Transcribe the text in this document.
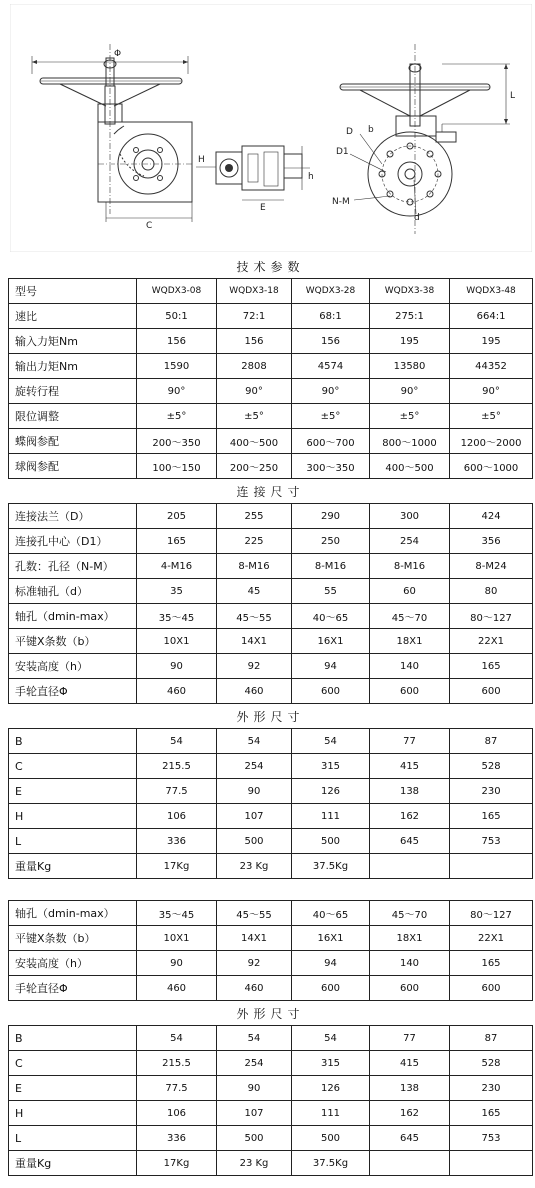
Φ
C
H
h
E
D b
D1
N-M
d
L
技术参数					
型号	WQDX3-08	WQDX3-18	WQDX3-28	WQDX3-38	WQDX3-48
速比	50:1	72:1	68:1	275:1	664:1
输入力矩Nm	156	156	156	195	195
输出力矩Nm	1590	2808	4574	13580	44352
旋转行程	90°	90°	90°	90°	90°
限位调整	±5°	±5°	±5°	±5°	±5°
蝶阀参配	200～350	400～500	600～700	800～1000	1200～2000
球阀参配	100～150	200～250	300～350	400～500	600～1000
连接尺寸					
连接法兰（D）	205	255	290	300	424
连接孔中心（D1）	165	225	250	254	356
孔数：孔径（N-M）	4-M16	8-M16	8-M16	8-M16	8-M24
标准轴孔（d）	35	45	55	60	80
轴孔（dmin-max）	35～45	45～55	40～65	45～70	80～127
平键X条数（b）	10X1	14X1	16X1	18X1	22X1
安装高度（h）	90	92	94	140	165
手轮直径Φ	460	460	600	600	600
外形尺寸					
B	54	54	54	77	87
C	215.5	254	315	415	528
E	77.5	90	126	138	230
H	106	107	111	162	165
L	336	500	500	645	753
重量Kg	17Kg	23 Kg	37.5Kg		
轴孔（dmin-max）	35～45	45～55	40～65	45～70	80～127
平键X条数（b）	10X1	14X1	16X1	18X1	22X1
安装高度（h）	90	92	94	140	165
手轮直径Φ	460	460	600	600	600
外形尺寸					
B	54	54	54	77	87
C	215.5	254	315	415	528
E	77.5	90	126	138	230
H	106	107	111	162	165
L	336	500	500	645	753
重量Kg	17Kg	23 Kg	37.5Kg		
